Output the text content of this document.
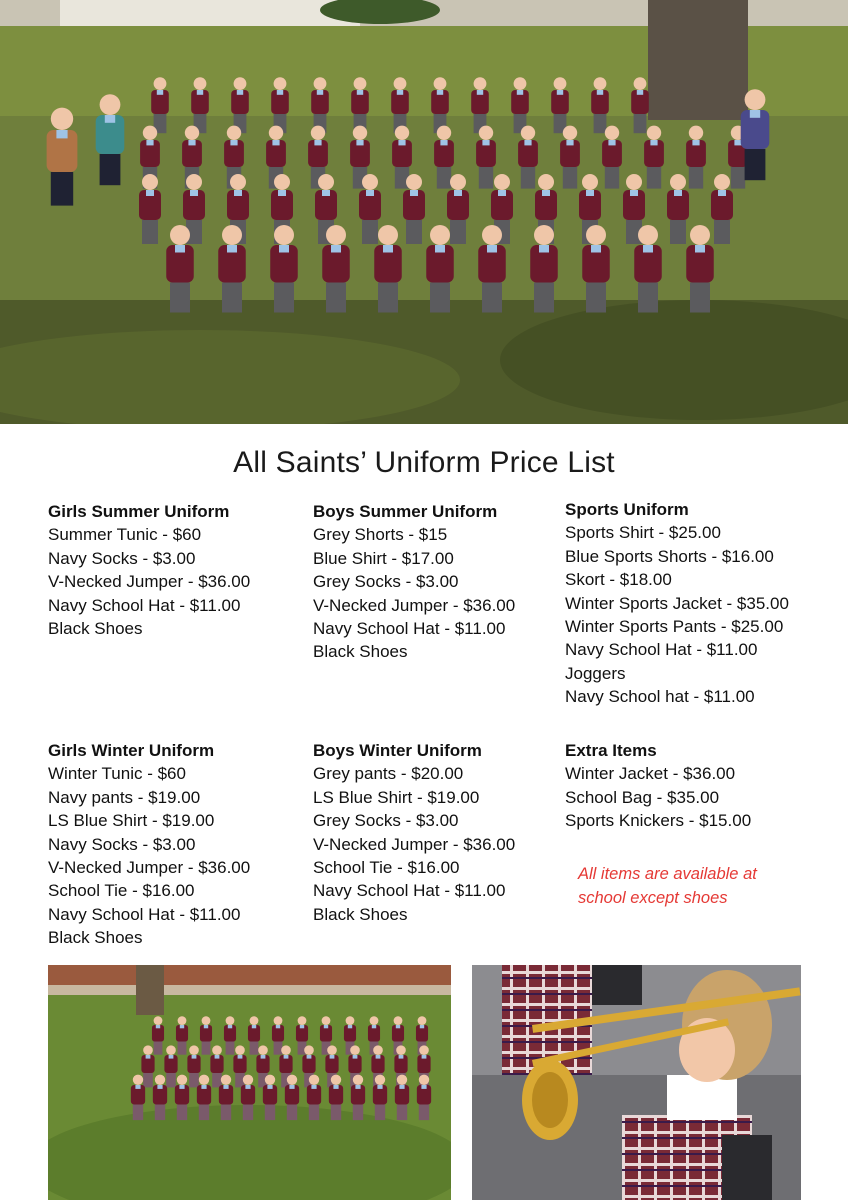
All Saints’ Uniform Price List
Girls Summer Uniform
Summer Tunic - $60
Navy Socks - $3.00
V-Necked Jumper - $36.00
Navy School Hat - $11.00
Black Shoes
Boys Summer Uniform
Grey Shorts - $15
Blue Shirt - $17.00
Grey Socks - $3.00
V-Necked Jumper - $36.00
Navy School Hat - $11.00
Black Shoes
Sports Uniform
Sports Shirt - $25.00
Blue Sports Shorts - $16.00
Skort - $18.00
Winter Sports Jacket - $35.00
Winter Sports Pants - $25.00
Navy School Hat - $11.00
Joggers
Navy School hat - $11.00
Girls Winter Uniform
Winter Tunic - $60
Navy pants - $19.00
LS Blue Shirt - $19.00
Navy Socks - $3.00
V-Necked Jumper - $36.00
School Tie - $16.00
Navy School Hat - $11.00
Black Shoes
Boys Winter Uniform
Grey pants - $20.00
LS Blue Shirt - $19.00
Grey Socks - $3.00
V-Necked Jumper - $36.00
School Tie - $16.00
Navy School Hat - $11.00
Black Shoes
Extra Items
Winter Jacket - $36.00
School Bag - $35.00
Sports Knickers - $15.00
All items are available at
school except shoes
